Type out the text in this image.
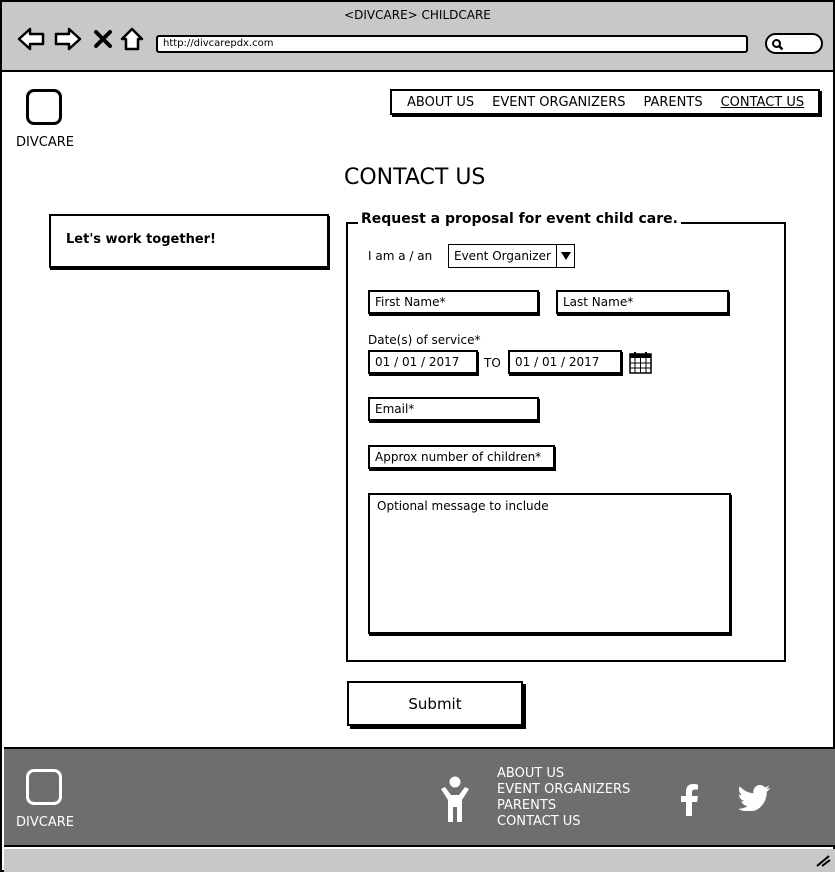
<DIVCARE> CHILDCARE
http://divcarepdx.com
DIVCARE
ABOUT US EVENT ORGANIZERS PARENTS CONTACT US
CONTACT US
Let's work together!
Request a proposal for event child care.
I am a / an	Event Organizer
First Name*	Last Name*
Date(s) of service*
01 / 01 / 2017	TO	01 / 01 / 2017
Email*
Approx number of children*
Optional message to include
Submit
DIVCARE
ABOUT US
EVENT ORGANIZERS
PARENTS
CONTACT US
